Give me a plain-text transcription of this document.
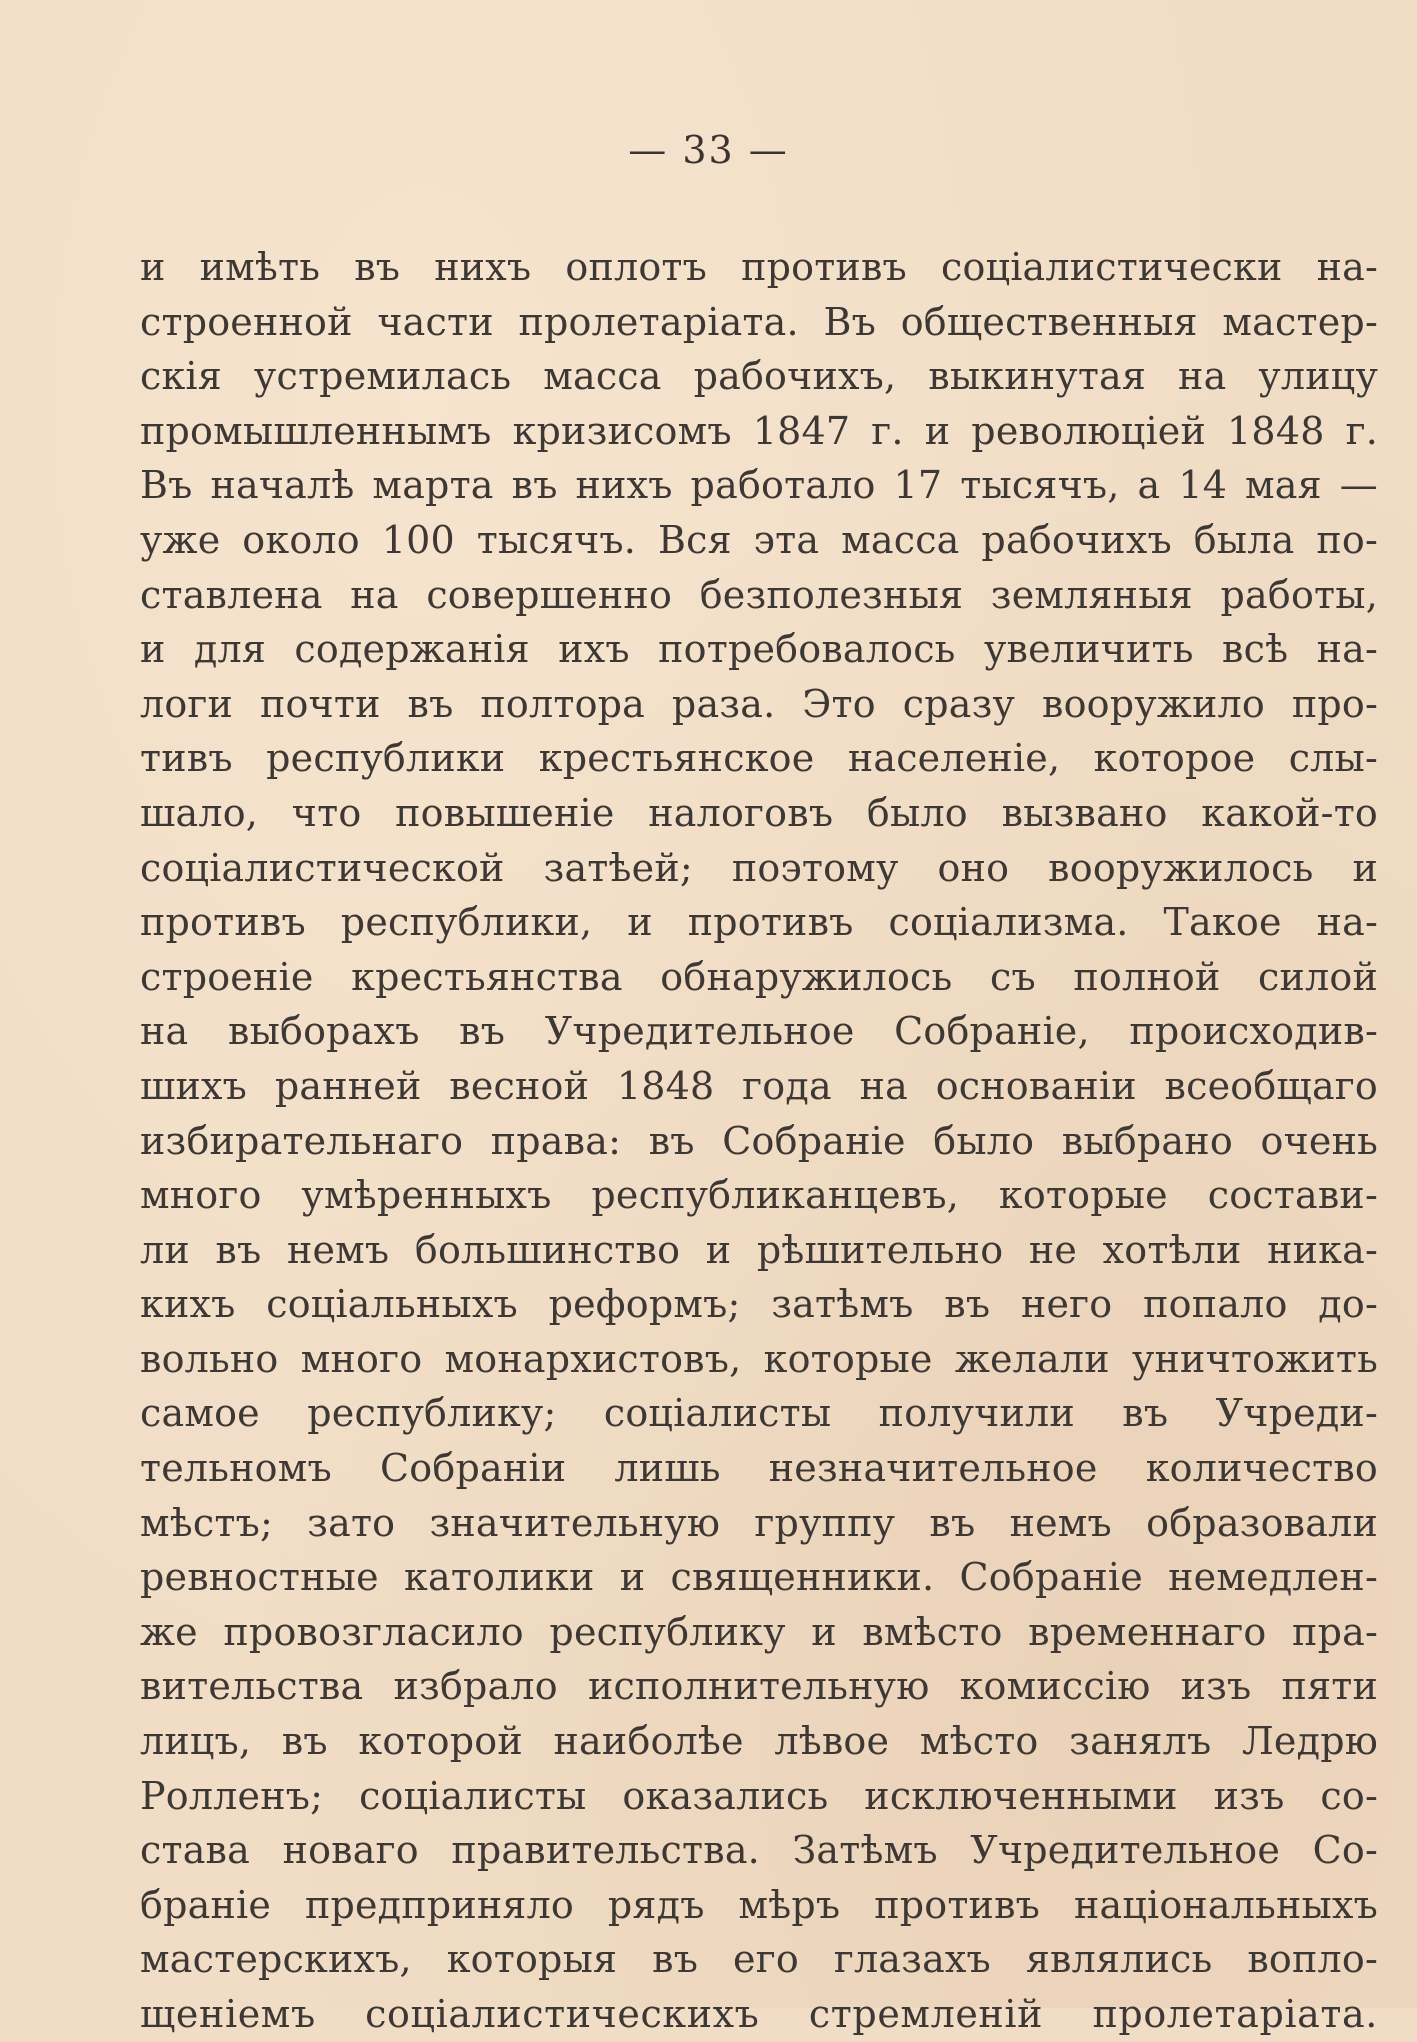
— 33 —
и имѣть въ нихъ оплотъ противъ соціалистически на-
строенной части пролетаріата. Въ общественныя мастер-
скія устремилась масса рабочихъ, выкинутая на улицу
промышленнымъ кризисомъ 1847 г. и революціей 1848 г.
Въ началѣ марта въ нихъ работало 17 тысячъ, а 14 мая —
уже около 100 тысячъ. Вся эта масса рабочихъ была по-
ставлена на совершенно безполезныя земляныя работы,
и для содержанія ихъ потребовалось увеличить всѣ на-
логи почти въ полтора раза. Это сразу вооружило про-
тивъ республики крестьянское населеніе, которое слы-
шало, что повышеніе налоговъ было вызвано какой-то
соціалистической затѣей; поэтому оно вооружилось и
противъ республики, и противъ соціализма. Такое на-
строеніе крестьянства обнаружилось съ полной силой
на выборахъ въ Учредительное Собраніе, происходив-
шихъ ранней весной 1848 года на основаніи всеобщаго
избирательнаго права: въ Собраніе было выбрано очень
много умѣренныхъ республиканцевъ, которые состави-
ли въ немъ большинство и рѣшительно не хотѣли ника-
кихъ соціальныхъ реформъ; затѣмъ въ него попало до-
вольно много монархистовъ, которые желали уничтожить
самое республику; соціалисты получили въ Учреди-
тельномъ Собраніи лишь незначительное количество
мѣстъ; зато значительную группу въ немъ образовали
ревностные католики и священники. Собраніе немедлен-
же провозгласило республику и вмѣсто временнаго пра-
вительства избрало исполнительную комиссію изъ пяти
лицъ, въ которой наиболѣе лѣвое мѣсто занялъ Ледрю
Ролленъ; соціалисты оказались исключенными изъ со-
става новаго правительства. Затѣмъ Учредительное Со-
браніе предприняло рядъ мѣръ противъ національныхъ
мастерскихъ, которыя въ его глазахъ являлись вопло-
щеніемъ соціалистическихъ стремленій пролетаріата.
